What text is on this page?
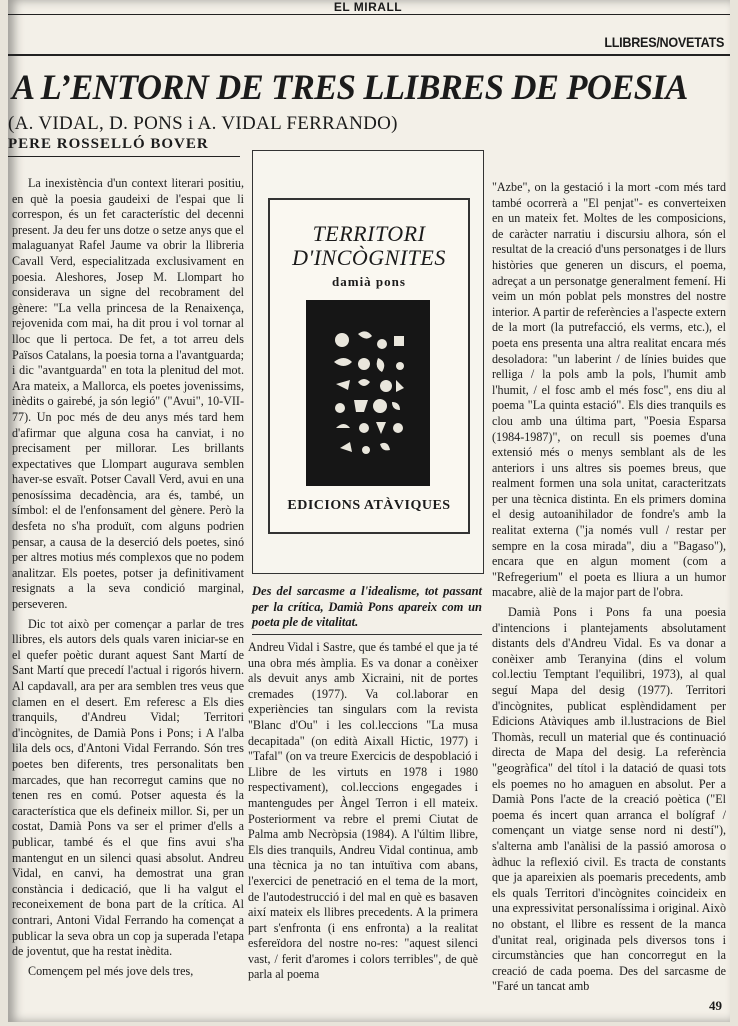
EL MIRALL
LLIBRES/NOVETATS
A L’ENTORN DE TRES LLIBRES DE POESIA
(A. VIDAL, D. PONS i A. VIDAL FERRANDO)
PERE ROSSELLÓ BOVER

La inexistència d'un context literari positiu, en què la poesia gaudeixi de l'espai que li correspon, és un fet característic del decenni present. Ja deu fer uns dotze o setze anys que el malaguanyat Rafel Jaume va obrir la llibreria Cavall Verd, especialitzada exclusivament en poesia. Aleshores, Josep M. Llompart ho considerava un signe del recobrament del gènere: "La vella princesa de la Renaixença, rejovenida com mai, ha dit prou i vol tornar al lloc que li pertoca. De fet, a tot arreu dels Països Catalans, la poesia torna a l'avantguarda; i dic "avantguarda" en tota la plenitud del mot. Ara mateix, a Mallorca, els poetes jovenissims, inèdits o gairebé, ja són legió" ("Avui", 10-VII-77). Un poc més de deu anys més tard hem d'afirmar que alguna cosa ha canviat, i no precisament per millorar. Les brillants expectatives que Llompart augurava semblen haver-se esvaït. Potser Cavall Verd, avui en una penosíssima decadència, ara és, també, un símbol: el de l'enfonsament del gènere. Però la desfeta no s'ha produït, com alguns podrien pensar, a causa de la deserció dels poetes, sinó per altres motius més complexos que no podem analitzar. Els poetes, potser ja definitivament resignats a la seva condició marginal, perseveren.

Dic tot això per començar a parlar de tres llibres, els autors dels quals varen iniciar-se en el quefer poètic durant aquest Sant Martí de Sant Martí que precedí l'actual i rigorós hivern. Al capdavall, ara per ara semblen tres veus que clamen en el desert. Em referesc a Els dies tranquils, d'Andreu Vidal; Territori d'incògnites, de Damià Pons i Pons; i A l'alba lila dels ocs, d'Antoni Vidal Ferrando. Són tres poetes ben diferents, tres personalitats ben marcades, que han recorregut camins que no tenen res en comú. Potser aquesta és la característica que els defineix millor. Si, per un costat, Damià Pons va ser el primer d'ells a publicar, també és el que fins avui s'ha mantengut en un silenci quasi absolut. Andreu Vidal, en canvi, ha demostrat una gran constància i dedicació, que li ha valgut el reconeixement de bona part de la crítica. Al contrari, Antoni Vidal Ferrando ha començat a publicar la seva obra un cop ja superada l'etapa de joventut, que ha restat inèdita.

Començem pel més jove dels tres,

TERRITORI
D'INCÒGNITES
damià pons
EDICIONS ATÀVIQUES

Des del sarcasme a l'idealisme, tot passant per la crítica, Damià Pons apareix com un poeta ple de vitalitat.

Andreu Vidal i Sastre, que és també el que ja té una obra més àmplia. Es va donar a conèixer als devuit anys amb Xicraini, nit de portes cremades (1977). Va col.laborar en experiències tan singulars com la revista "Blanc d'Ou" i les col.leccions "La musa decapitada" (on edità Aixall Hictic, 1977) i "Tafal" (on va treure Exercicis de despoblació i Llibre de les virtuts en 1978 i 1980 respectivament), col.leccions engegades i mantengudes per Àngel Terron i ell mateix. Posteriorment va rebre el premi Ciutat de Palma amb Necròpsia (1984). A l'últim llibre, Els dies tranquils, Andreu Vidal continua, amb una tècnica ja no tan intuïtiva com abans, l'exercici de penetració en el tema de la mort, de l'autodestrucció i del mal en què es basaven així mateix els llibres precedents. A la primera part s'enfronta (i ens enfronta) a la realitat esfereïdora del nostre no-res: "aquest silenci vast, / ferit d'aromes i colors terribles", de què parla al poema

"Azbe", on la gestació i la mort -com més tard també ocorrerà a "El penjat"- es converteixen en un mateix fet. Moltes de les composicions, de caràcter narratiu i discursiu alhora, són el resultat de la creació d'uns personatges i de llurs històries que generen un discurs, el poema, adreçat a un personatge generalment femení. Hi veim un món poblat pels monstres del nostre interior. A partir de referències a l'aspecte extern de la mort (la putrefacció, els verms, etc.), el poeta ens presenta una altra realitat encara més desoladora: "un laberint / de línies buides que relliga / la pols amb la pols, l'humit amb l'humit, / el fosc amb el més fosc", ens diu al poema "La quinta estació". Els dies tranquils es clou amb una última part, "Poesia Esparsa (1984-1987)", on recull sis poemes d'una extensió més o menys semblant als de les anteriors i uns altres sis poemes breus, que realment formen una sola unitat, caracteritzats per una tècnica distinta. En els primers domina el desig autoanihilador de fondre's amb la realitat externa ("ja només vull / restar per sempre en la cosa mirada", diu a "Bagaso"), encara que en algun moment (com a "Refregerium" el poeta es lliura a un humor macabre, aliè de la major part de l'obra.

Damià Pons i Pons fa una poesia d'intencions i plantejaments absolutament distants dels d'Andreu Vidal. Es va donar a conèixer amb Teranyina (dins el volum col.lectiu Temptant l'equilibri, 1973), al qual seguí Mapa del desig (1977). Territori d'incògnites, publicat esplèndidament per Edicions Atàviques amb il.lustracions de Biel Thomàs, recull un material que és continuació directa de Mapa del desig. La referència "geogràfica" del títol i la datació de quasi tots els poemes no ho amaguen en absolut. Per a Damià Pons l'acte de la creació poètica ("El poema és incert quan arranca el bolígraf / començant un viatge sense nord ni destí"), s'alterna amb l'anàlisi de la passió amorosa o àdhuc la reflexió civil. Es tracta de constants que ja apareixien als poemaris precedents, amb els quals Territori d'incògnites coincideix en una expressivitat personalíssima i original. Això no obstant, el llibre es ressent de la manca d'unitat real, originada pels diversos tons i circumstàncies que han concorregut en la creació de cada poema. Des del sarcasme de "Faré un tancat amb

49
